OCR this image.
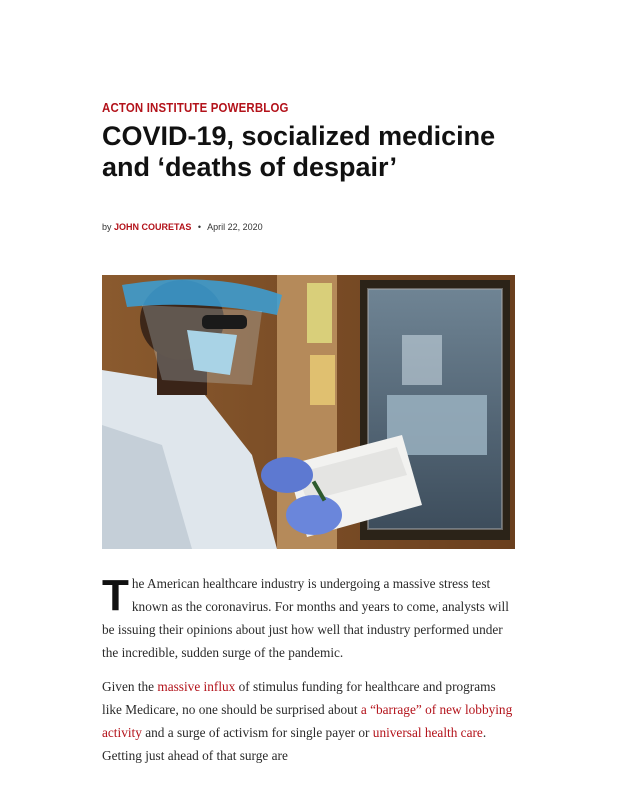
ACTON INSTITUTE POWERBLOG
COVID-19, socialized medicine and ‘deaths of despair’
by JOHN COURETAS • April 22, 2020

The American healthcare industry is undergoing a massive stress test known as the coronavirus. For months and years to come, analysts will be issuing their opinions about just how well that industry performed under the incredible, sudden surge of the pandemic.

Given the massive influx of stimulus funding for healthcare and programs like Medicare, no one should be surprised about a “barrage” of new lobbying activity and a surge of activism for single payer or universal health care. Getting just ahead of that surge are
